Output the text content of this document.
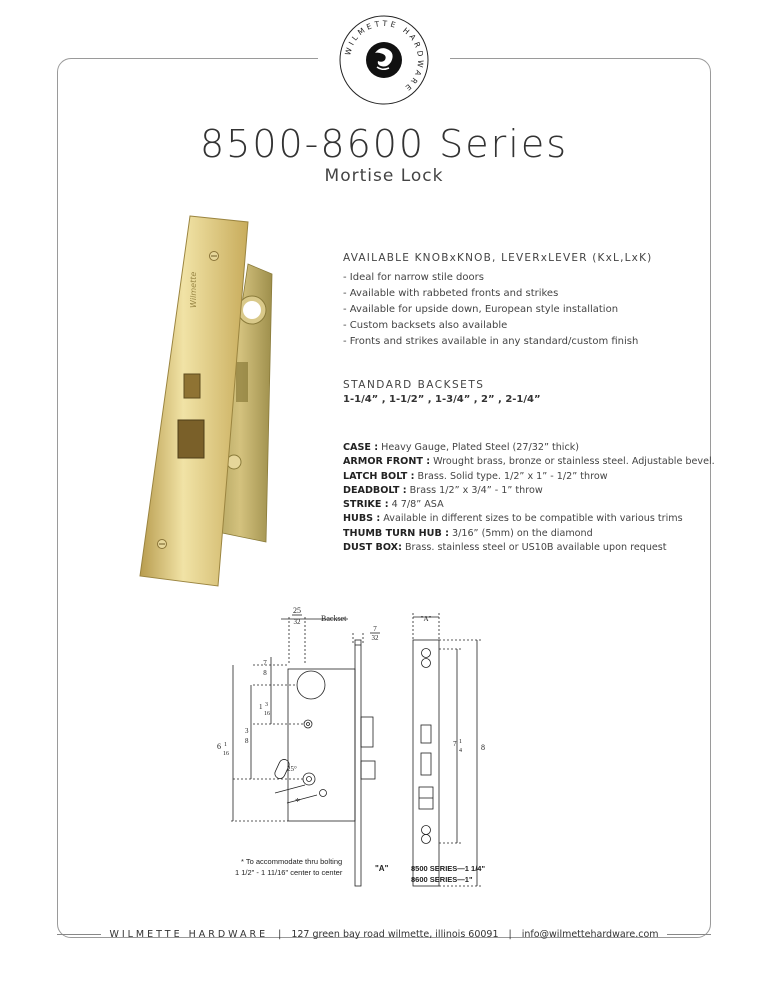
WILMETTE HARDWARE
8500-8600 Series
Mortise Lock
Wilmette
AVAILABLE KNOBxKNOB, LEVERxLEVER (KxL,LxK)
- Ideal for narrow stile doors
- Available with rabbeted fronts and strikes
- Available for upside down, European style installation
- Custom backsets also available
- Fronts and strikes available in any standard/custom finish
STANDARD BACKSETS

1-1/4” , 1-1/2” , 1-3/4” , 2” , 2-1/4”

CASE : Heavy Gauge, Plated Steel (27/32” thick)
ARMOR FRONT : Wrought brass, bronze or stainless steel. Adjustable bevel.
LATCH BOLT : Brass. Solid type. 1/2” x 1” - 1/2” throw
DEADBOLT : Brass 1/2” x 3/4” - 1” throw
STRIKE : 4 7/8” ASA
HUBS : Available in different sizes to be compatible with various trims
THUMB TURN HUB : 3/16” (5mm) on the diamond
DUST BOX: Brass. stainless steel or US10B available upon request
25
32	Backset
7
32
7
8
1 3
16
3
8
6 1
16
25°
*
"A"
7 1
4 8
* To accommodate thru bolting
1 1/2" - 1 11/16" center to center	"A"	8500 SERIES—1 1/4"
8600 SERIES—1"
WILMETTE HARDWARE | 127 green bay road wilmette, illinois 60091 | info@wilmettehardware.com
